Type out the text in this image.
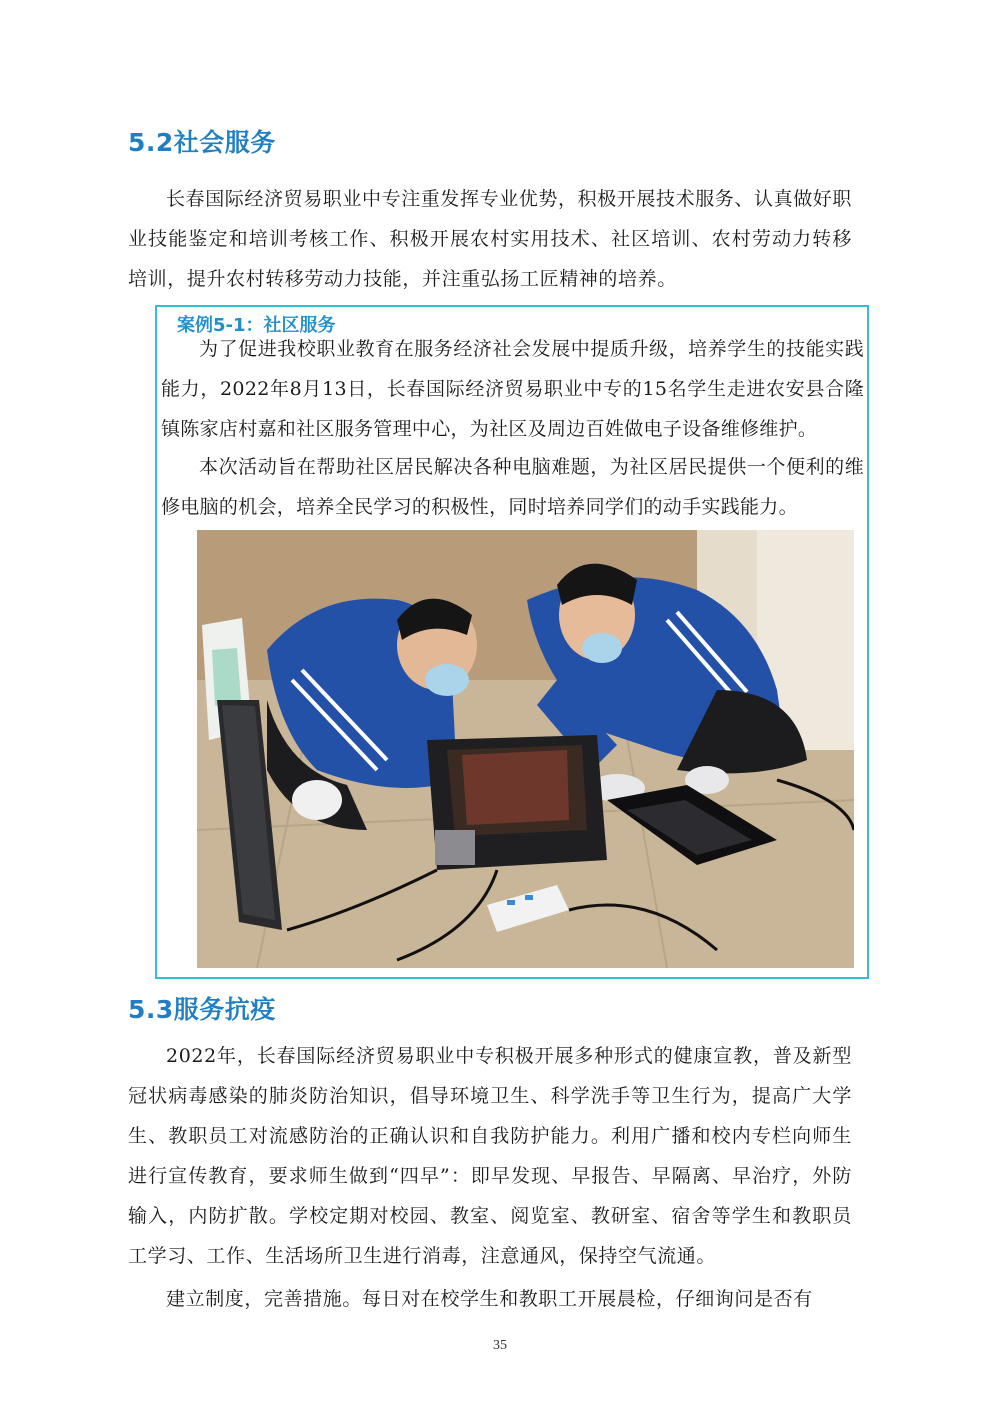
5.2社会服务

长春国际经济贸易职业中专注重发挥专业优势，积极开展技术服务、认真做好职业技能鉴定和培训考核工作、积极开展农村实用技术、社区培训、农村劳动力转移培训，提升农村转移劳动力技能，并注重弘扬工匠精神的培养。

案例5-1：社区服务

为了促进我校职业教育在服务经济社会发展中提质升级，培养学生的技能实践能力，2022年8月13日，长春国际经济贸易职业中专的15名学生走进农安县合隆镇陈家店村嘉和社区服务管理中心，为社区及周边百姓做电子设备维修维护。

本次活动旨在帮助社区居民解决各种电脑难题，为社区居民提供一个便利的维修电脑的机会，培养全民学习的积极性，同时培养同学们的动手实践能力。

5.3服务抗疫

2022年，长春国际经济贸易职业中专积极开展多种形式的健康宣教，普及新型冠状病毒感染的肺炎防治知识，倡导环境卫生、科学洗手等卫生行为，提高广大学生、教职员工对流感防治的正确认识和自我防护能力。利用广播和校内专栏向师生进行宣传教育，要求师生做到“四早”：即早发现、早报告、早隔离、早治疗，外防输入，内防扩散。学校定期对校园、教室、阅览室、教研室、宿舍等学生和教职员工学习、工作、生活场所卫生进行消毒，注意通风，保持空气流通。

建立制度，完善措施。每日对在校学生和教职工开展晨检，仔细询问是否有

35
